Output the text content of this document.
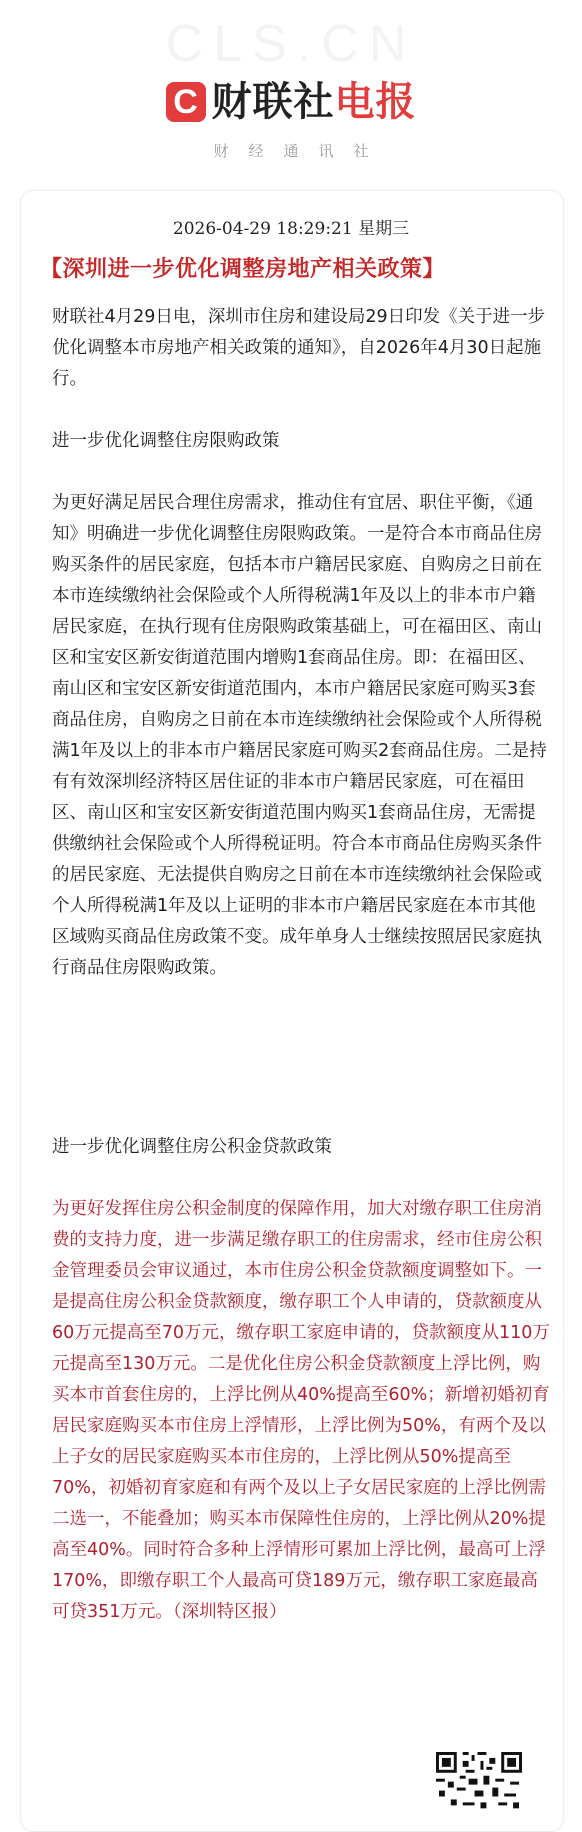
CLS.CN
C 财联社电报
财经通讯社
2026-04-29 18:29:21 星期三
【深圳进一步优化调整房地产相关政策】

财联社4月29日电，深圳市住房和建设局29日印发《关于进一步优化调整本市房地产相关政策的通知》，自2026年4月30日起施行。

进一步优化调整住房限购政策

为更好满足居民合理住房需求，推动住有宜居、职住平衡，《通知》明确进一步优化调整住房限购政策。一是符合本市商品住房购买条件的居民家庭，包括本市户籍居民家庭、自购房之日前在本市连续缴纳社会保险或个人所得税满1年及以上的非本市户籍居民家庭，在执行现有住房限购政策基础上，可在福田区、南山区和宝安区新安街道范围内增购1套商品住房。即：在福田区、南山区和宝安区新安街道范围内，本市户籍居民家庭可购买3套商品住房，自购房之日前在本市连续缴纳社会保险或个人所得税满1年及以上的非本市户籍居民家庭可购买2套商品住房。二是持有有效深圳经济特区居住证的非本市户籍居民家庭，可在福田区、南山区和宝安区新安街道范围内购买1套商品住房，无需提供缴纳社会保险或个人所得税证明。符合本市商品住房购买条件的居民家庭、无法提供自购房之日前在本市连续缴纳社会保险或个人所得税满1年及以上证明的非本市户籍居民家庭在本市其他区域购买商品住房政策不变。成年单身人士继续按照居民家庭执行商品住房限购政策。

进一步优化调整住房公积金贷款政策

为更好发挥住房公积金制度的保障作用，加大对缴存职工住房消费的支持力度，进一步满足缴存职工的住房需求，经市住房公积金管理委员会审议通过，本市住房公积金贷款额度调整如下。一是提高住房公积金贷款额度，缴存职工个人申请的，贷款额度从60万元提高至70万元，缴存职工家庭申请的，贷款额度从110万元提高至130万元。二是优化住房公积金贷款额度上浮比例，购买本市首套住房的，上浮比例从40%提高至60%；新增初婚初育居民家庭购买本市住房上浮情形，上浮比例为50%，有两个及以上子女的居民家庭购买本市住房的，上浮比例从50%提高至70%，初婚初育家庭和有两个及以上子女居民家庭的上浮比例需二选一，不能叠加；购买本市保障性住房的，上浮比例从20%提高至40%。同时符合多种上浮情形可累加上浮比例，最高可上浮170%，即缴存职工个人最高可贷189万元，缴存职工家庭最高可贷351万元。（深圳特区报）
